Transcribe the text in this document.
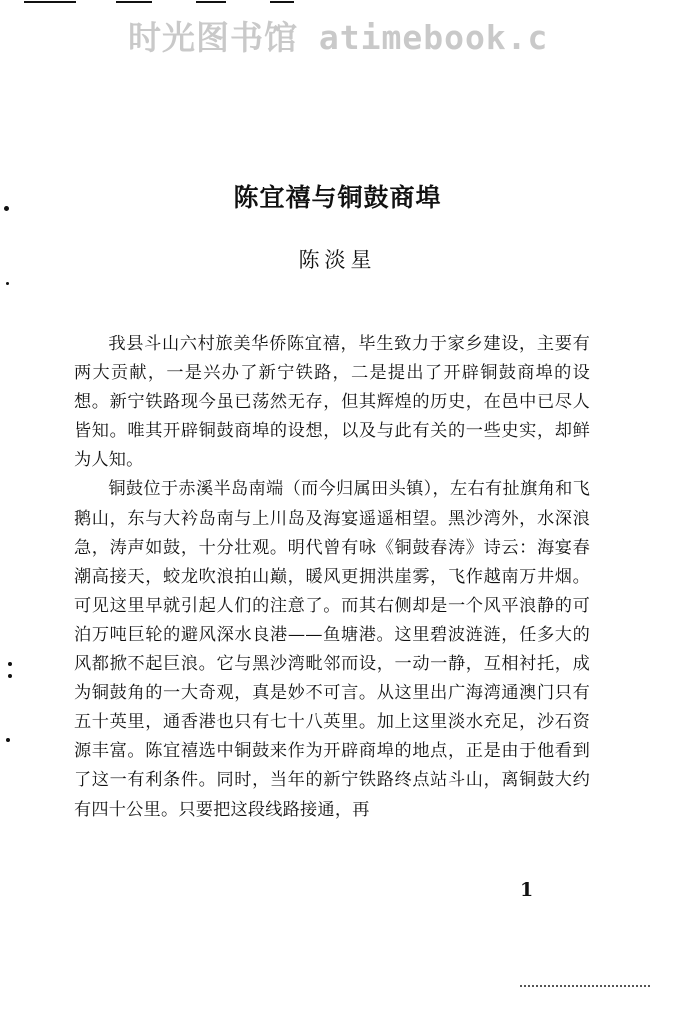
时光图书馆 atimebook.c
陈宜禧与铜鼓商埠
陈淡星

我县斗山六村旅美华侨陈宜禧，毕生致力于家乡建设，主要有两大贡献，一是兴办了新宁铁路，二是提出了开辟铜鼓商埠的设想。新宁铁路现今虽已荡然无存，但其辉煌的历史，在邑中已尽人皆知。唯其开辟铜鼓商埠的设想，以及与此有关的一些史实，却鲜为人知。

铜鼓位于赤溪半岛南端（而今归属田头镇），左右有扯旗角和飞鹅山，东与大衿岛南与上川岛及海宴遥遥相望。黑沙湾外，水深浪急，涛声如鼓，十分壮观。明代曾有咏《铜鼓春涛》诗云：海宴春潮高接天，蛟龙吹浪拍山巅，暖风更拥洪崖雾，飞作越南万井烟。可见这里早就引起人们的注意了。而其右侧却是一个风平浪静的可泊万吨巨轮的避风深水良港——鱼塘港。这里碧波涟涟，任多大的风都掀不起巨浪。它与黑沙湾毗邻而设，一动一静，互相衬托，成为铜鼓角的一大奇观，真是妙不可言。从这里出广海湾通澳门只有五十英里，通香港也只有七十八英里。加上这里淡水充足，沙石资源丰富。陈宜禧选中铜鼓来作为开辟商埠的地点，正是由于他看到了这一有利条件。同时，当年的新宁铁路终点站斗山，离铜鼓大约有四十公里。只要把这段线路接通，再

1
